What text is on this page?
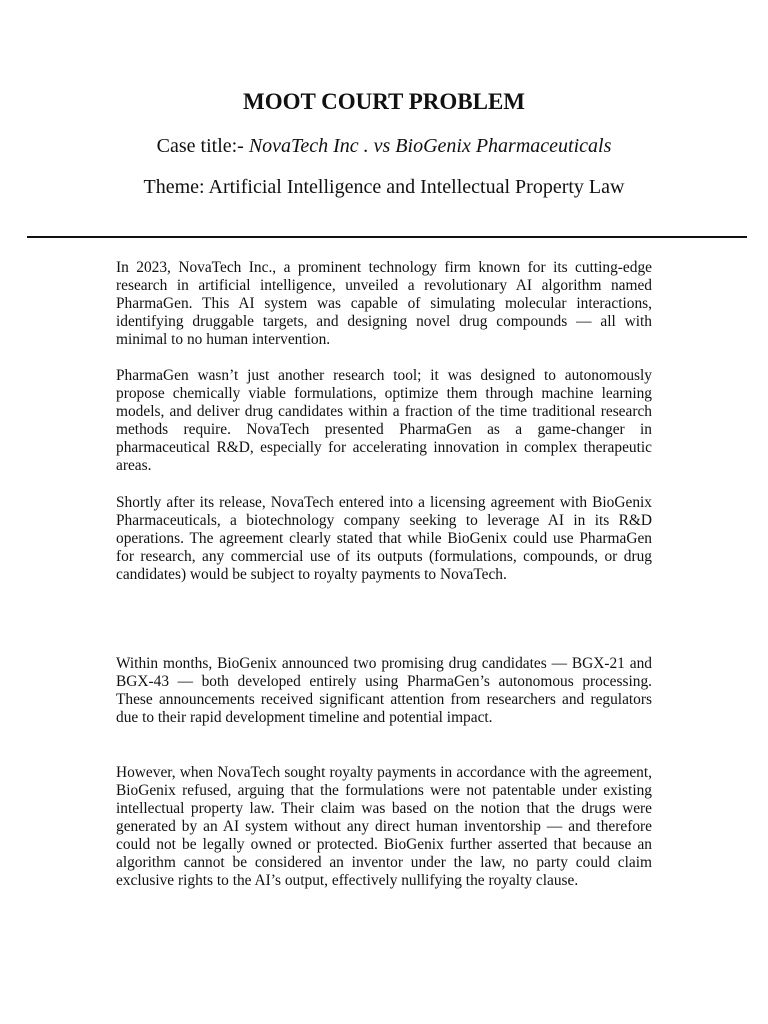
MOOT COURT PROBLEM

Case title:- NovaTech Inc . vs BioGenix Pharmaceuticals

Theme: Artificial Intelligence and Intellectual Property Law

In 2023, NovaTech Inc., a prominent technology firm known for its cutting-edge research in artificial intelligence, unveiled a revolutionary AI algorithm named PharmaGen. This AI system was capable of simulating molecular interactions, identifying druggable targets, and designing novel drug compounds — all with minimal to no human intervention.

PharmaGen wasn’t just another research tool; it was designed to autonomously propose chemically viable formulations, optimize them through machine learning models, and deliver drug candidates within a fraction of the time traditional research methods require. NovaTech presented PharmaGen as a game-changer in pharmaceutical R&D, especially for accelerating innovation in complex therapeutic areas.

Shortly after its release, NovaTech entered into a licensing agreement with BioGenix Pharmaceuticals, a biotechnology company seeking to leverage AI in its R&D operations. The agreement clearly stated that while BioGenix could use PharmaGen for research, any commercial use of its outputs (formulations, compounds, or drug candidates) would be subject to royalty payments to NovaTech.

Within months, BioGenix announced two promising drug candidates — BGX-21 and BGX-43 — both developed entirely using PharmaGen’s autonomous processing. These announcements received significant attention from researchers and regulators due to their rapid development timeline and potential impact.

However, when NovaTech sought royalty payments in accordance with the agreement, BioGenix refused, arguing that the formulations were not patentable under existing intellectual property law. Their claim was based on the notion that the drugs were generated by an AI system without any direct human inventorship — and therefore could not be legally owned or protected. BioGenix further asserted that because an algorithm cannot be considered an inventor under the law, no party could claim exclusive rights to the AI’s output, effectively nullifying the royalty clause.
